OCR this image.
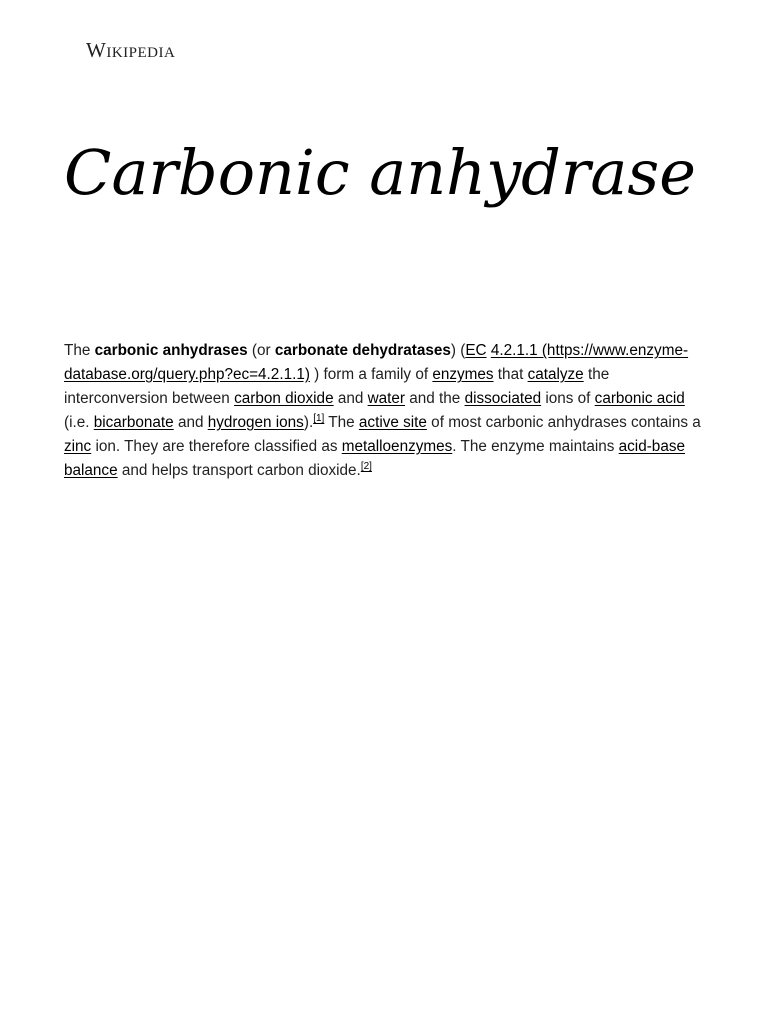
Wikipedia
Carbonic anhydrase

The carbonic anhydrases (or carbonate dehydratases) (EC 4.2.1.1 (https://www.enzyme-database.org/query.php?ec=4.2.1.1) ) form a family of enzymes that catalyze the interconversion between carbon dioxide and water and the dissociated ions of carbonic acid (i.e. bicarbonate and hydrogen ions).[1] The active site of most carbonic anhydrases contains a zinc ion. They are therefore classified as metalloenzymes. The enzyme maintains acid-base balance and helps transport carbon dioxide.[2]
